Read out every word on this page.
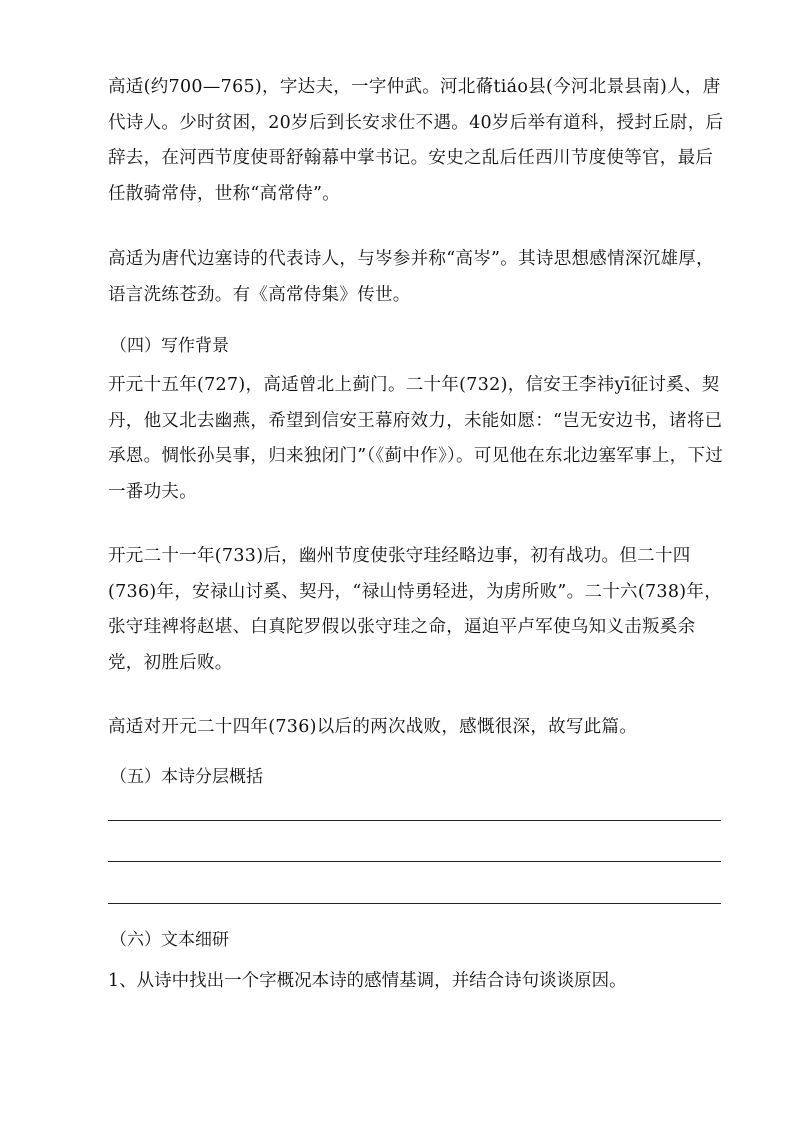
高适(约700—765)，字达夫，一字仲武。河北蓨tiáo县(今河北景县南)人，唐代诗人。少时贫困，20岁后到长安求仕不遇。40岁后举有道科，授封丘尉，后辞去，在河西节度使哥舒翰幕中掌书记。安史之乱后任西川节度使等官，最后任散骑常侍，世称“高常侍”。

高适为唐代边塞诗的代表诗人，与岑参并称“高岑”。其诗思想感情深沉雄厚，语言洗练苍劲。有《高常侍集》传世。

（四）写作背景

开元十五年(727)，高适曾北上蓟门。二十年(732)，信安王李祎yī征讨奚、契丹，他又北去幽燕，希望到信安王幕府效力，未能如愿：“岂无安边书，诸将已承恩。惆怅孙吴事，归来独闭门”（《蓟中作》）。可见他在东北边塞军事上，下过一番功夫。

开元二十一年(733)后，幽州节度使张守珪经略边事，初有战功。但二十四(736)年，安禄山讨奚、契丹，“禄山恃勇轻进，为虏所败”。二十六(738)年，张守珪裨将赵堪、白真陀罗假以张守珪之命，逼迫平卢军使乌知义击叛奚余党，初胜后败。

高适对开元二十四年(736)以后的两次战败，感慨很深，故写此篇。

（五）本诗分层概括
（六）文本细研
1、从诗中找出一个字概况本诗的感情基调，并结合诗句谈谈原因。
